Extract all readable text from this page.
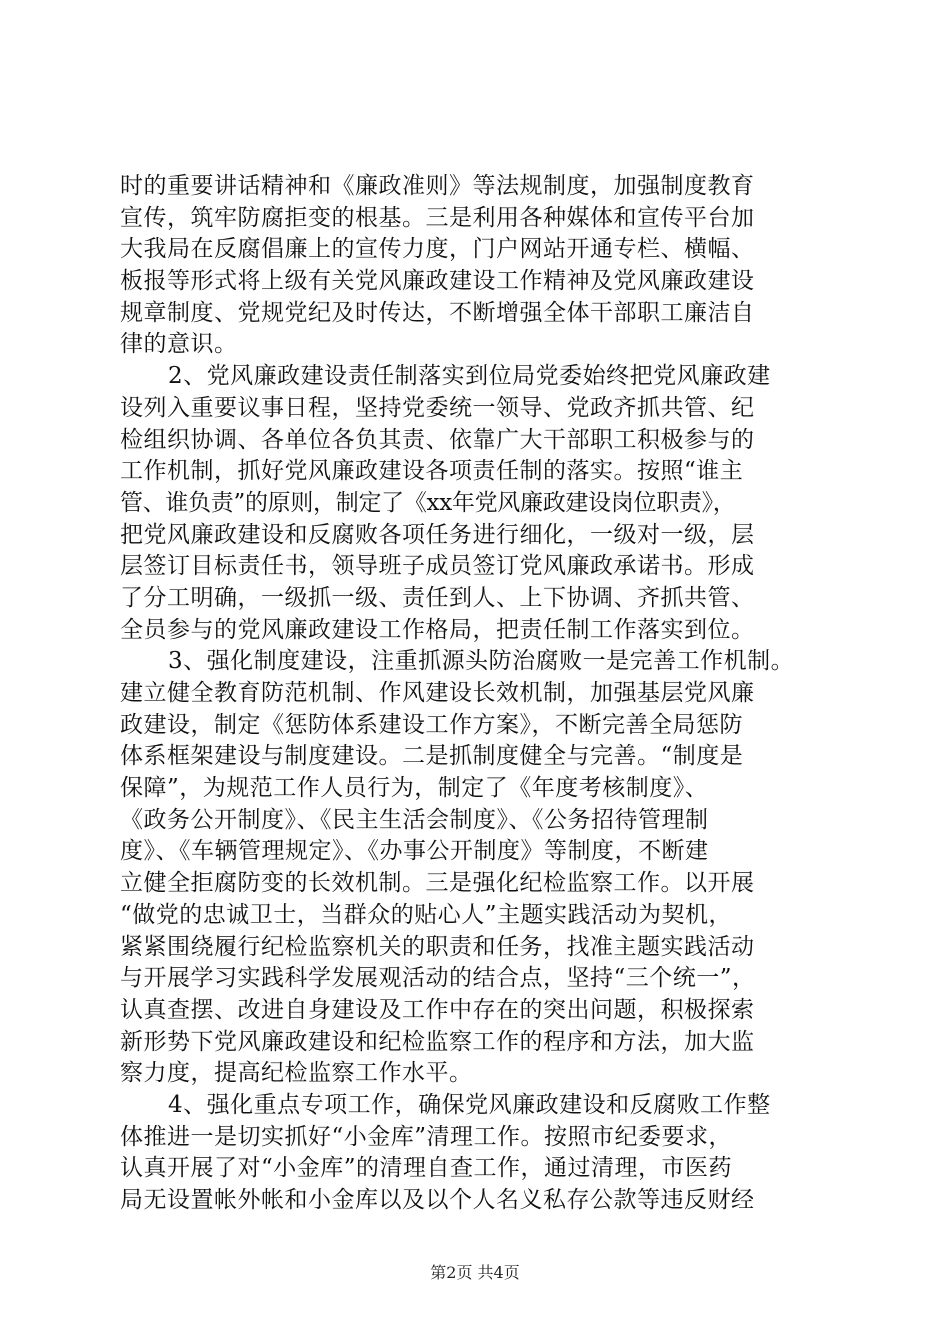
时的重要讲话精神和《廉政准则》等法规制度，加强制度教育
宣传，筑牢防腐拒变的根基。三是利用各种媒体和宣传平台加
大我局在反腐倡廉上的宣传力度，门户网站开通专栏、横幅、
板报等形式将上级有关党风廉政建设工作精神及党风廉政建设
规章制度、党规党纪及时传达，不断增强全体干部职工廉洁自
律的意识。
2、党风廉政建设责任制落实到位局党委始终把党风廉政建
设列入重要议事日程，坚持党委统一领导、党政齐抓共管、纪
检组织协调、各单位各负其责、依靠广大干部职工积极参与的
工作机制，抓好党风廉政建设各项责任制的落实。按照“谁主
管、谁负责”的原则，制定了《xx年党风廉政建设岗位职责》，
把党风廉政建设和反腐败各项任务进行细化，一级对一级，层
层签订目标责任书，领导班子成员签订党风廉政承诺书。形成
了分工明确，一级抓一级、责任到人、上下协调、齐抓共管、
全员参与的党风廉政建设工作格局，把责任制工作落实到位。
3、强化制度建设，注重抓源头防治腐败一是完善工作机制。
建立健全教育防范机制、作风建设长效机制，加强基层党风廉
政建设，制定《惩防体系建设工作方案》，不断完善全局惩防
体系框架建设与制度建设。二是抓制度健全与完善。“制度是
保障”，为规范工作人员行为，制定了《年度考核制度》、
《政务公开制度》、《民主生活会制度》、《公务招待管理制
度》、《车辆管理规定》、《办事公开制度》等制度，不断建
立健全拒腐防变的长效机制。三是强化纪检监察工作。以开展
“做党的忠诚卫士，当群众的贴心人”主题实践活动为契机，
紧紧围绕履行纪检监察机关的职责和任务，找准主题实践活动
与开展学习实践科学发展观活动的结合点，坚持“三个统一”，
认真查摆、改进自身建设及工作中存在的突出问题，积极探索
新形势下党风廉政建设和纪检监察工作的程序和方法，加大监
察力度，提高纪检监察工作水平。
4、强化重点专项工作，确保党风廉政建设和反腐败工作整
体推进一是切实抓好“小金库”清理工作。按照市纪委要求，
认真开展了对“小金库”的清理自查工作，通过清理，市医药
局无设置帐外帐和小金库以及以个人名义私存公款等违反财经
第2页 共4页
